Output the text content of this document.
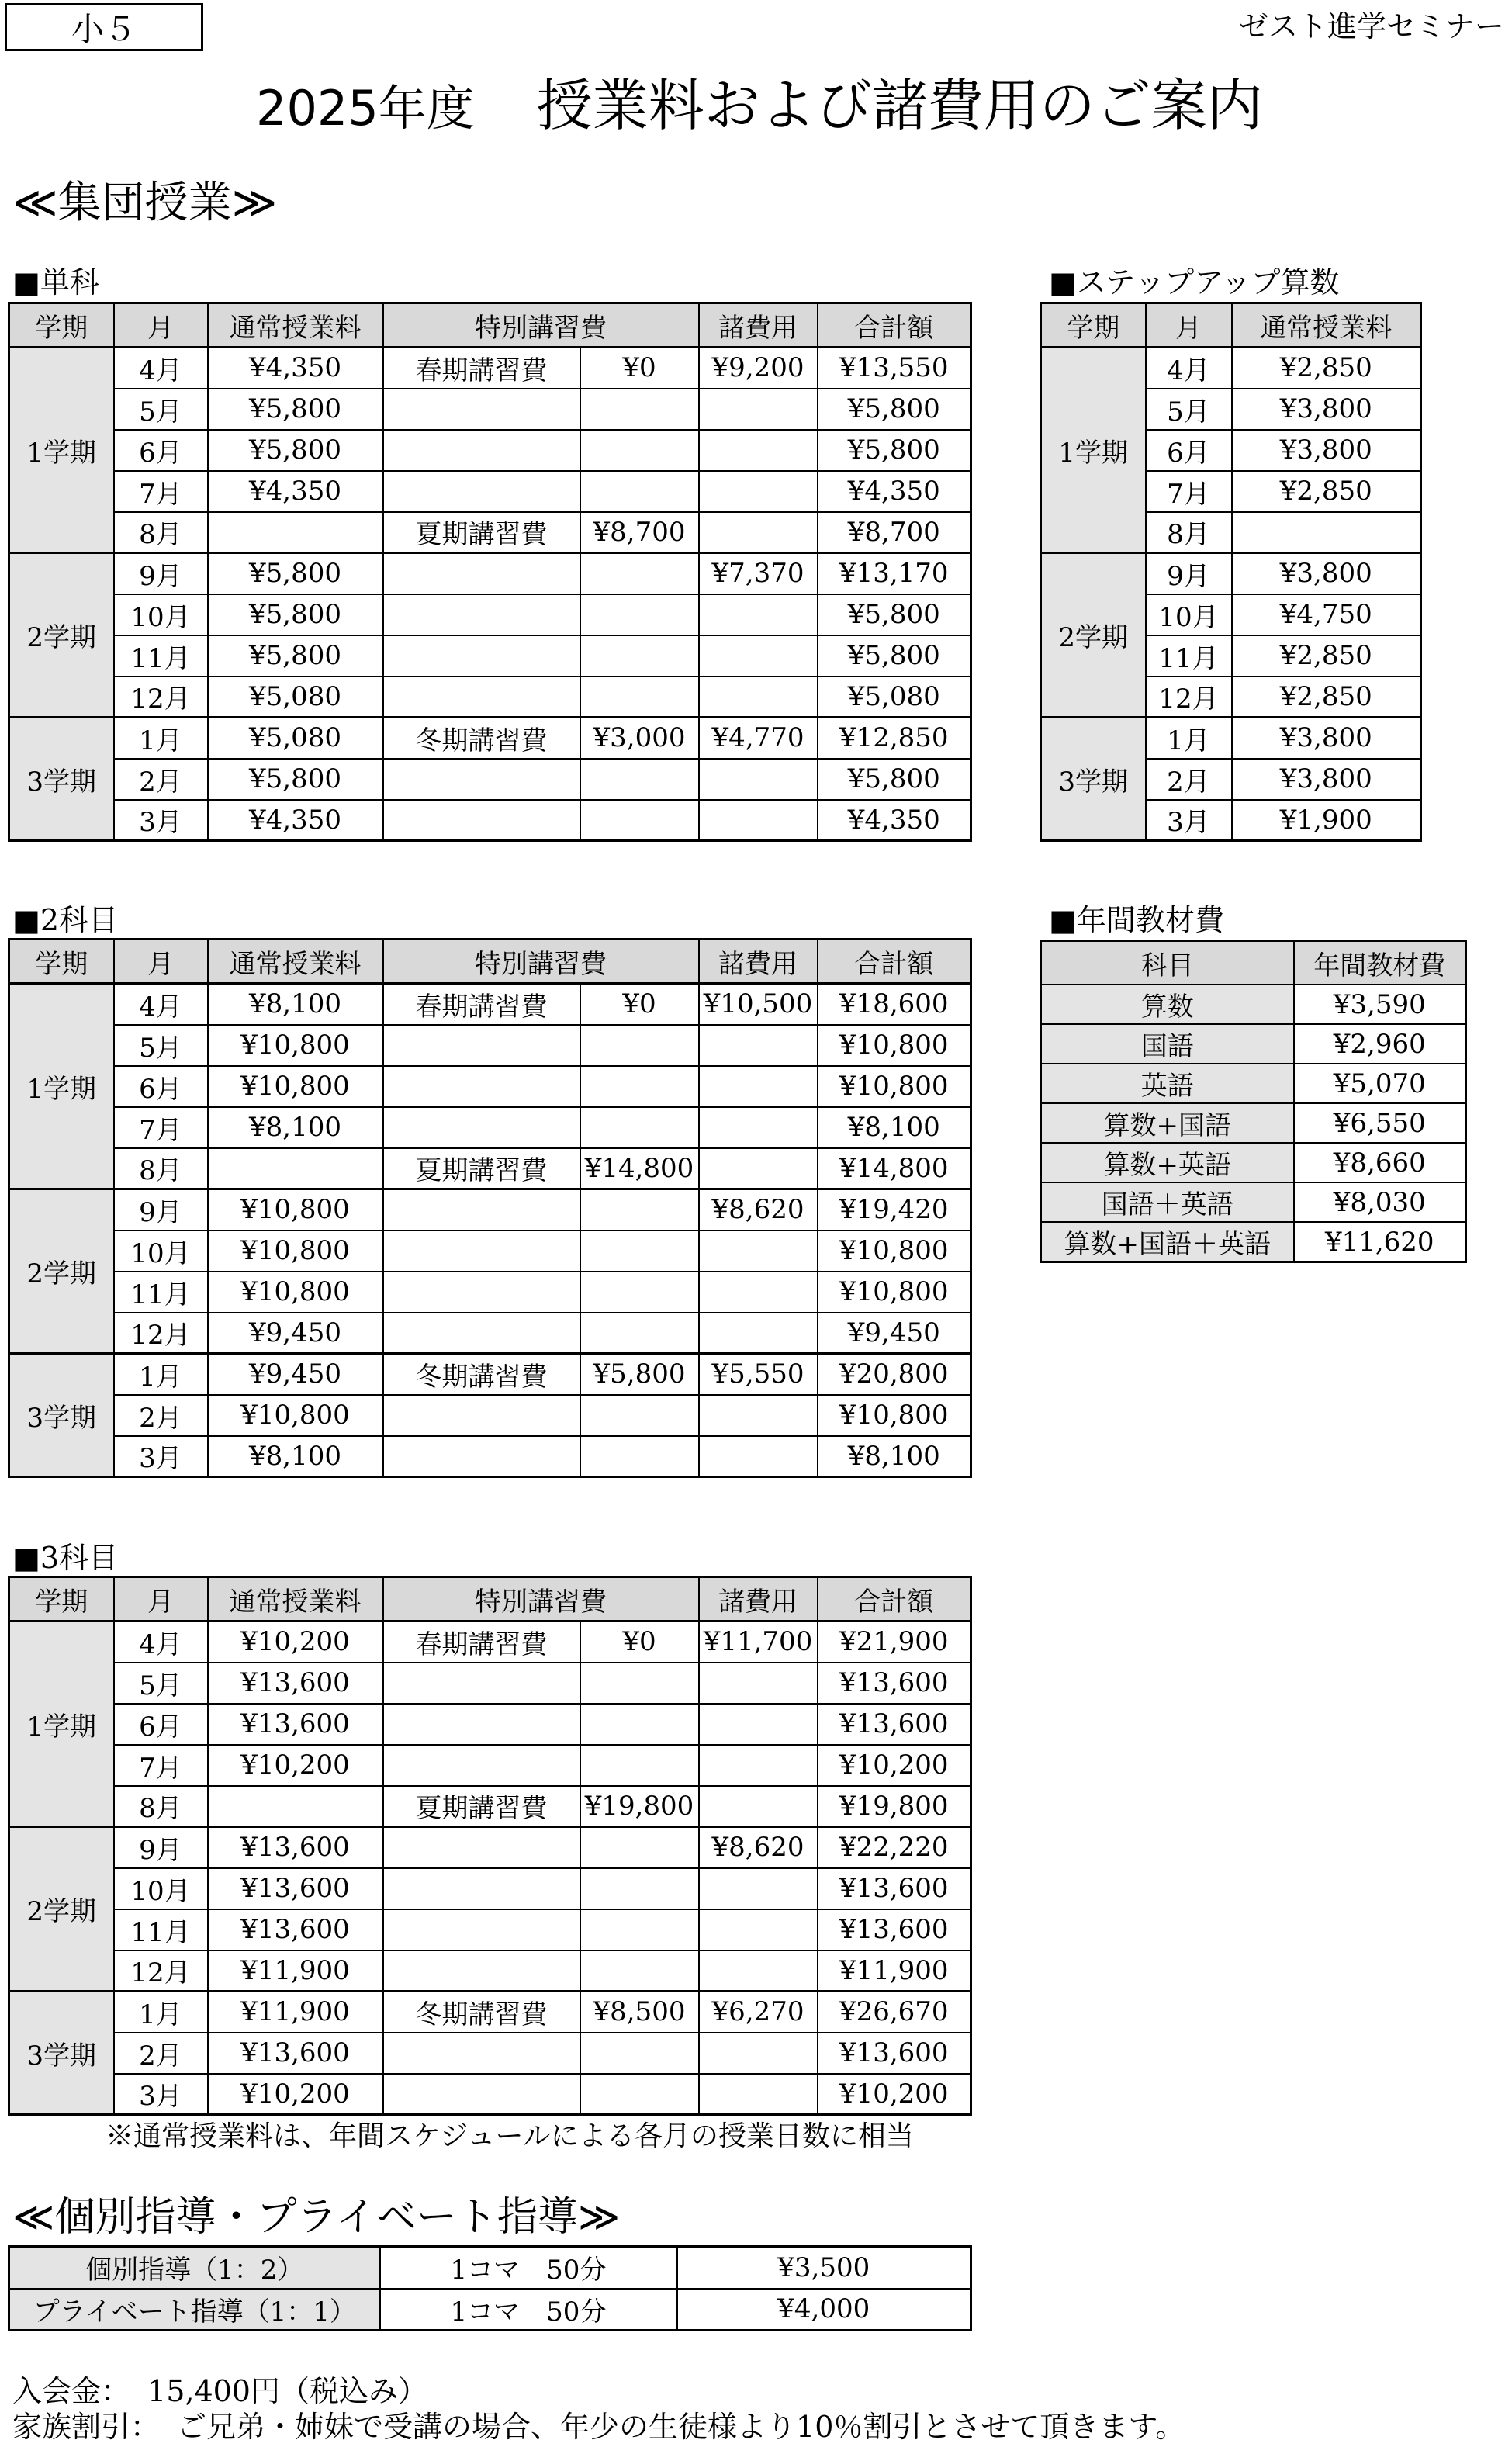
小５	ゼスト進学セミナー
2025年度 授業料および諸費用のご案内
≪集団授業≫
■単科
学期	月	通常授業料	特別講習費		諸費用	合計額
1学期	4月	¥4,350	春期講習費	¥0	¥9,200	¥13,550
	5月	¥5,800				¥5,800
	6月	¥5,800				¥5,800
	7月	¥4,350				¥4,350
	8月		夏期講習費	¥8,700		¥8,700
2学期	9月	¥5,800			¥7,370	¥13,170
	10月	¥5,800				¥5,800
	11月	¥5,800				¥5,800
	12月	¥5,080				¥5,080
3学期	1月	¥5,080	冬期講習費	¥3,000	¥4,770	¥12,850
	2月	¥5,800				¥5,800
	3月	¥4,350				¥4,350
■ステップアップ算数
学期	月	通常授業料
1学期	4月	¥2,850
	5月	¥3,800
	6月	¥3,800
	7月	¥2,850
	8月	
2学期	9月	¥3,800
	10月	¥4,750
	11月	¥2,850
	12月	¥2,850
3学期	1月	¥3,800
	2月	¥3,800
	3月	¥1,900
■2科目
学期	月	通常授業料	特別講習費		諸費用	合計額
1学期	4月	¥8,100	春期講習費	¥0	¥10,500	¥18,600
	5月	¥10,800				¥10,800
	6月	¥10,800				¥10,800
	7月	¥8,100				¥8,100
	8月		夏期講習費	¥14,800		¥14,800
2学期	9月	¥10,800			¥8,620	¥19,420
	10月	¥10,800				¥10,800
	11月	¥10,800				¥10,800
	12月	¥9,450				¥9,450
3学期	1月	¥9,450	冬期講習費	¥5,800	¥5,550	¥20,800
	2月	¥10,800				¥10,800
	3月	¥8,100				¥8,100
■年間教材費
科目	年間教材費
算数	¥3,590
国語	¥2,960
英語	¥5,070
算数+国語	¥6,550
算数+英語	¥8,660
国語＋英語	¥8,030
算数+国語＋英語	¥11,620
■3科目
学期	月	通常授業料	特別講習費		諸費用	合計額
1学期	4月	¥10,200	春期講習費	¥0	¥11,700	¥21,900
	5月	¥13,600				¥13,600
	6月	¥13,600				¥13,600
	7月	¥10,200				¥10,200
	8月		夏期講習費	¥19,800		¥19,800
2学期	9月	¥13,600			¥8,620	¥22,220
	10月	¥13,600				¥13,600
	11月	¥13,600				¥13,600
	12月	¥11,900				¥11,900
3学期	1月	¥11,900	冬期講習費	¥8,500	¥6,270	¥26,670
	2月	¥13,600				¥13,600
	3月	¥10,200				¥10,200
※通常授業料は、年間スケジュールによる各月の授業日数に相当
≪個別指導・プライベート指導≫
個別指導（1：2）	1コマ　50分	¥3,500
プライベート指導（1：1）	1コマ　50分	¥4,000
入会金： 15,400円（税込み）
家族割引： ご兄弟・姉妹で受講の場合、年少の生徒様より10％割引とさせて頂きます。
